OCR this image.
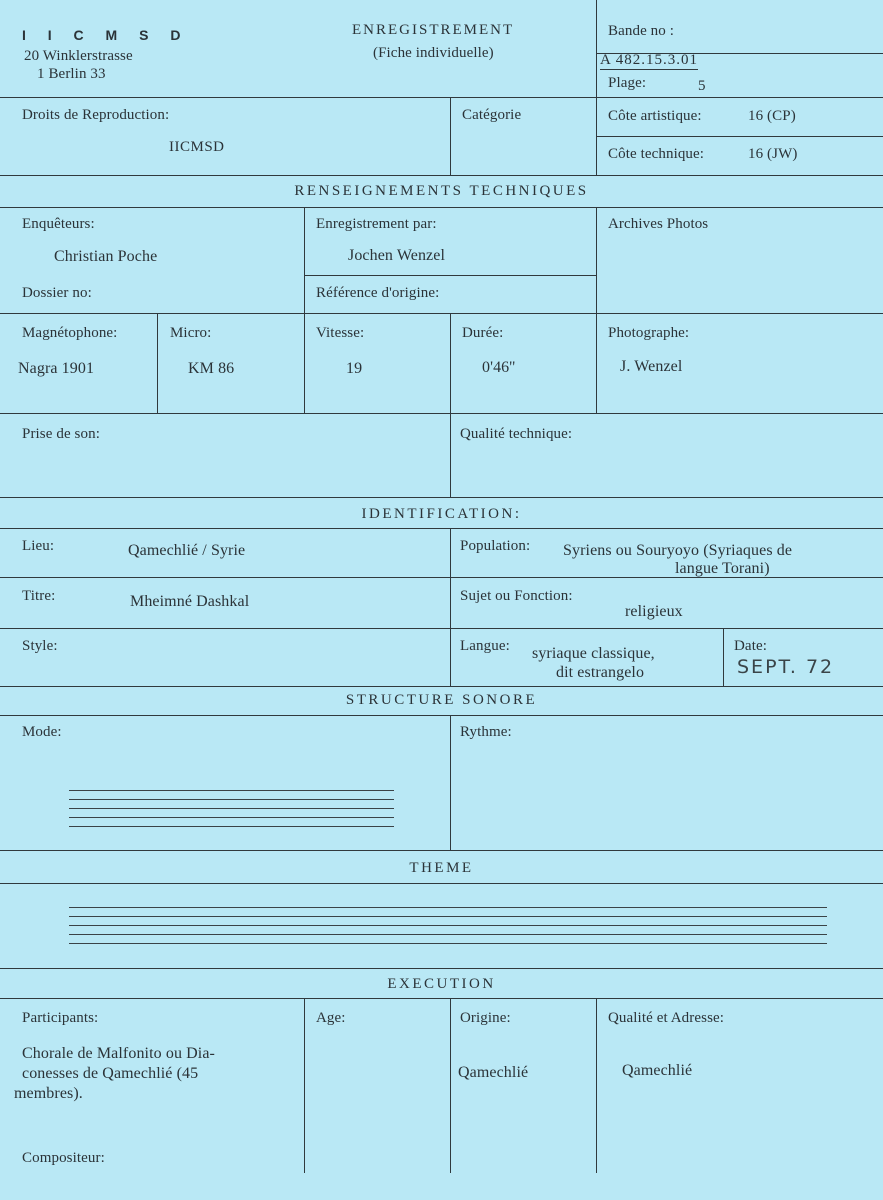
I I C M S D
20 Winklerstrasse
1 Berlin 33
ENREGISTREMENT
(Fiche individuelle)
Bande no :
A 482.15.3.01
Plage:	5
Droits de Reproduction:
IICMSD
Catégorie	Côte artistique:	16 (CP)
Côte technique:	16 (JW)
RENSEIGNEMENTS TECHNIQUES
Enquêteurs:
Christian Poche
Enregistrement par:
Jochen Wenzel
Archives Photos
Dossier no:	Référence d'origine:
Magnétophone:
Nagra 1901
Micro:
KM 86
Vitesse:
19
Durée:
0'46''
Photographe:
J. Wenzel
Prise de son:	Qualité technique:
IDENTIFICATION:
Lieu:	Qamechlié / Syrie	Population: Syriens ou Souryoyo (Syriaques de
langue Torani)
Titre:	Mheimné Dashkal	Sujet ou Fonction:
religieux
Style:	Langue: syriaque classique,
dit estrangelo
Date:
SEPT. 72
STRUCTURE SONORE
Mode:	Rythme:
THEME
EXECUTION
Participants:
Chorale de Malfonito ou Dia-
conesses de Qamechlié (45
membres).
Age:	Origine:
Qamechlié
Qualité et Adresse:
Qamechlié
Compositeur:
